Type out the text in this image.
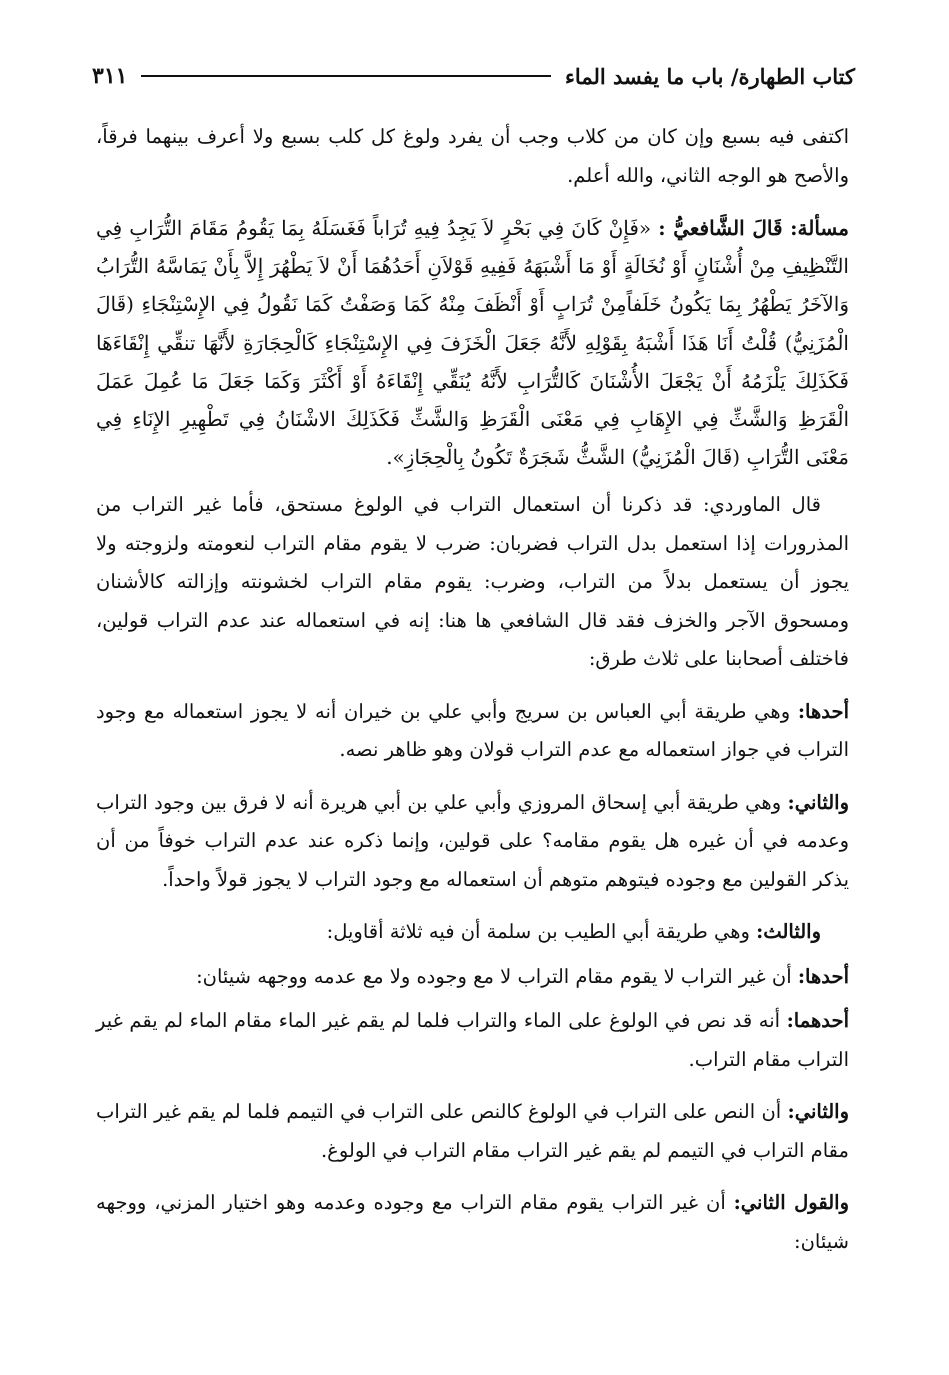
كتاب الطهارة/ باب ما يفسد الماء
٣١١

اكتفى فيه بسبع وإن كان من كلاب وجب أن يفرد ولوغ كل كلب بسبع ولا أعرف بينهما فرقاً، والأصح هو الوجه الثاني، والله أعلم.

مسألة: قَالَ الشَّافعيُّ : «فَإِنْ كَانَ فِي بَحْرٍ لاَ يَجِدُ فِيهِ تُرَاباً فَغَسَلَهُ بِمَا يَقُومُ مَقَامَ التُّرَابِ فِي التَّنْظِيفِ مِنْ أُشْنَانٍ أَوْ نُخَالَةٍ أَوْ مَا أَشْبَهَهُ فَفِيهِ قَوْلاَنِ أَحَدُهُمَا أَنْ لاَ يَطْهُرَ إِلاَّ بِأَنْ يَمَاسَّهُ التُّرَابُ وَالآخَرُ يَطْهُرُ بِمَا يَكُونُ خَلَفاًمِنْ تُرَابٍ أَوْ أَنْظَفَ مِنْهُ كَمَا وَصَفْتُ كَمَا نَقُولُ فِي الإِسْتِنْجَاءِ (قَالَ الْمُزَنِيُّ) قُلْتُ أَنَا هَذَا أَشْبَهُ بِقَوْلِهِ لأَنَّهُ جَعَلَ الْخَزَفَ فِي الإِسْتِنْجَاءِ كَالْحِجَارَةِ لأَنَّهَا تنقِّي إِنْقَاءَهَا فَكَذَلِكَ يَلْزَمُهُ أَنْ يَجْعَلَ الأُشْنَانَ كَالتُّرَابِ لأَنَّهُ يُنَقِّي إِنْقَاءَهُ أَوْ أَكْثَرَ وَكَمَا جَعَلَ مَا عُمِلَ عَمَلَ الْقَرَظِ وَالشَّثِّ فِي الإِهَابِ فِي مَعْنَى الْقَرَظِ وَالشَّثِّ فَكَذَلِكَ الاشْنَانُ فِي تَطْهِيرِ الإِنَاءِ فِي مَعْنَى التُّرَابِ (قَالَ الْمُزَنِيُّ) الشَّثُّ شَجَرَةٌ تَكُونُ بِالْحِجَازِ».

قال الماوردي: قد ذكرنا أن استعمال التراب في الولوغ مستحق، فأما غير التراب من المذرورات إذا استعمل بدل التراب فضربان: ضرب لا يقوم مقام التراب لنعومته ولزوجته ولا يجوز أن يستعمل بدلاً من التراب، وضرب: يقوم مقام التراب لخشونته وإزالته كالأشنان ومسحوق الآجر والخزف فقد قال الشافعي ها هنا: إنه في استعماله عند عدم التراب قولين، فاختلف أصحابنا على ثلاث طرق:

أحدها: وهي طريقة أبي العباس بن سريج وأبي علي بن خيران أنه لا يجوز استعماله مع وجود التراب في جواز استعماله مع عدم التراب قولان وهو ظاهر نصه.

والثاني: وهي طريقة أبي إسحاق المروزي وأبي علي بن أبي هريرة أنه لا فرق بين وجود التراب وعدمه في أن غيره هل يقوم مقامه؟ على قولين، وإنما ذكره عند عدم التراب خوفاً من أن يذكر القولين مع وجوده فيتوهم متوهم أن استعماله مع وجود التراب لا يجوز قولاً واحداً.

والثالث: وهي طريقة أبي الطيب بن سلمة أن فيه ثلاثة أقاويل:

أحدها: أن غير التراب لا يقوم مقام التراب لا مع وجوده ولا مع عدمه ووجهه شيئان:

أحدهما: أنه قد نص في الولوغ على الماء والتراب فلما لم يقم غير الماء مقام الماء لم يقم غير التراب مقام التراب.

والثاني: أن النص على التراب في الولوغ كالنص على التراب في التيمم فلما لم يقم غير التراب مقام التراب في التيمم لم يقم غير التراب مقام التراب في الولوغ.

والقول الثاني: أن غير التراب يقوم مقام التراب مع وجوده وعدمه وهو اختيار المزني، ووجهه شيئان:
